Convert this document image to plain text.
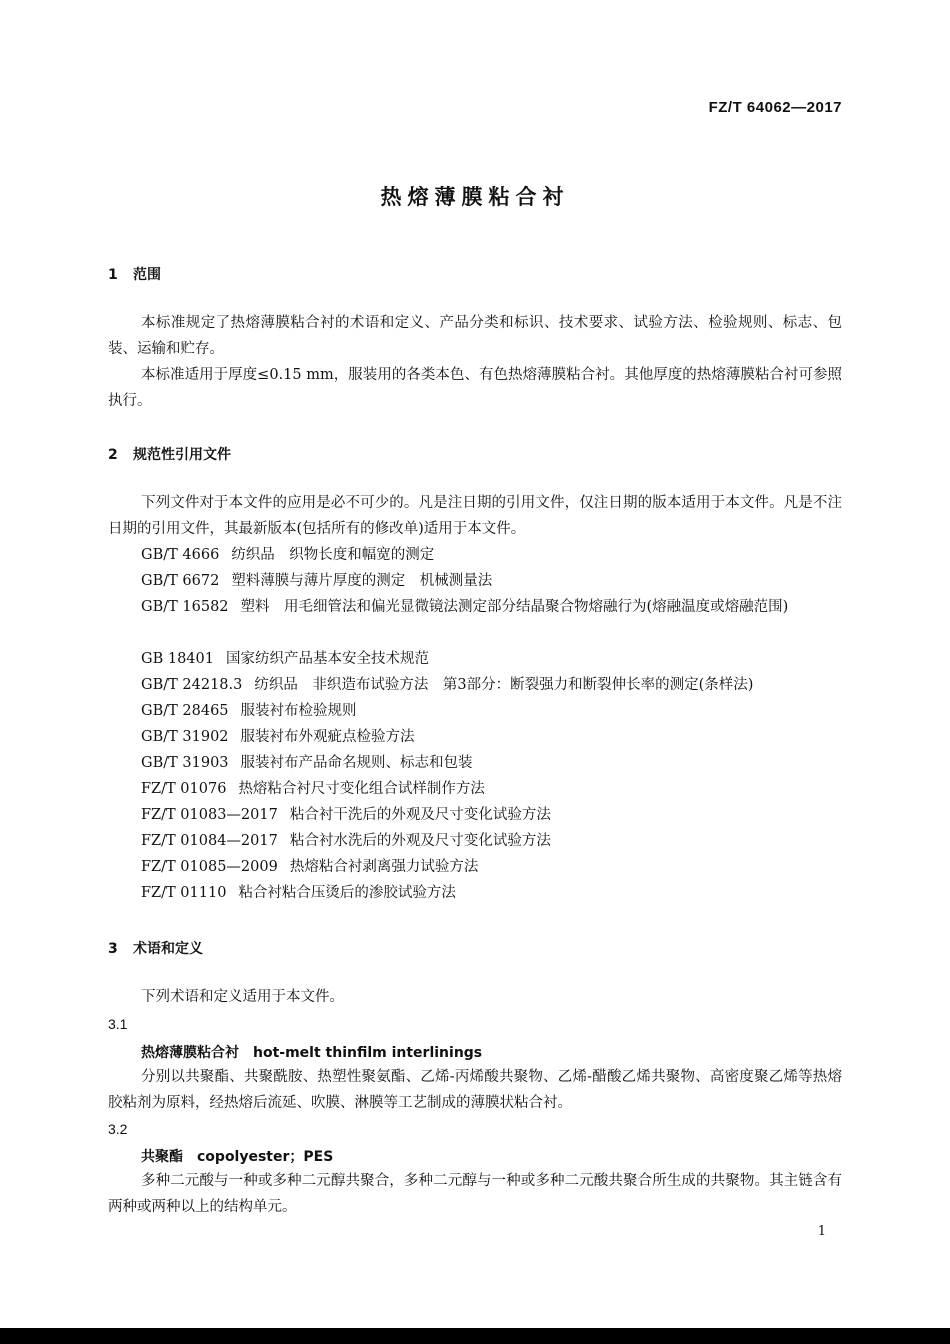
FZ/T 64062—2017
热熔薄膜粘合衬
1 范围

本标准规定了热熔薄膜粘合衬的术语和定义、产品分类和标识、技术要求、试验方法、检验规则、标志、包装、运输和贮存。

本标准适用于厚度≤0.15 mm，服装用的各类本色、有色热熔薄膜粘合衬。其他厚度的热熔薄膜粘合衬可参照执行。

2 规范性引用文件

下列文件对于本文件的应用是必不可少的。凡是注日期的引用文件，仅注日期的版本适用于本文件。凡是不注日期的引用文件，其最新版本(包括所有的修改单)适用于本文件。

GB/T 4666 纺织品　织物长度和幅宽的测定

GB/T 6672 塑料薄膜与薄片厚度的测定　机械测量法

GB/T 16582 塑料　用毛细管法和偏光显微镜法测定部分结晶聚合物熔融行为(熔融温度或熔融范围)

GB 18401 国家纺织产品基本安全技术规范

GB/T 24218.3 纺织品　非织造布试验方法　第3部分：断裂强力和断裂伸长率的测定(条样法)

GB/T 28465 服装衬布检验规则

GB/T 31902 服装衬布外观疵点检验方法

GB/T 31903 服装衬布产品命名规则、标志和包装

FZ/T 01076 热熔粘合衬尺寸变化组合试样制作方法

FZ/T 01083—2017 粘合衬干洗后的外观及尺寸变化试验方法

FZ/T 01084—2017 粘合衬水洗后的外观及尺寸变化试验方法

FZ/T 01085—2009 热熔粘合衬剥离强力试验方法

FZ/T 01110 粘合衬粘合压烫后的渗胶试验方法

3 术语和定义

下列术语和定义适用于本文件。

3.1
热熔薄膜粘合衬 hot-melt thinfilm interlinings

分别以共聚酯、共聚酰胺、热塑性聚氨酯、乙烯-丙烯酸共聚物、乙烯-醋酸乙烯共聚物、高密度聚乙烯等热熔胶粘剂为原料，经热熔后流延、吹膜、淋膜等工艺制成的薄膜状粘合衬。

3.2
共聚酯 copolyester；PES

多种二元酸与一种或多种二元醇共聚合，多种二元醇与一种或多种二元酸共聚合所生成的共聚物。其主链含有两种或两种以上的结构单元。

1
